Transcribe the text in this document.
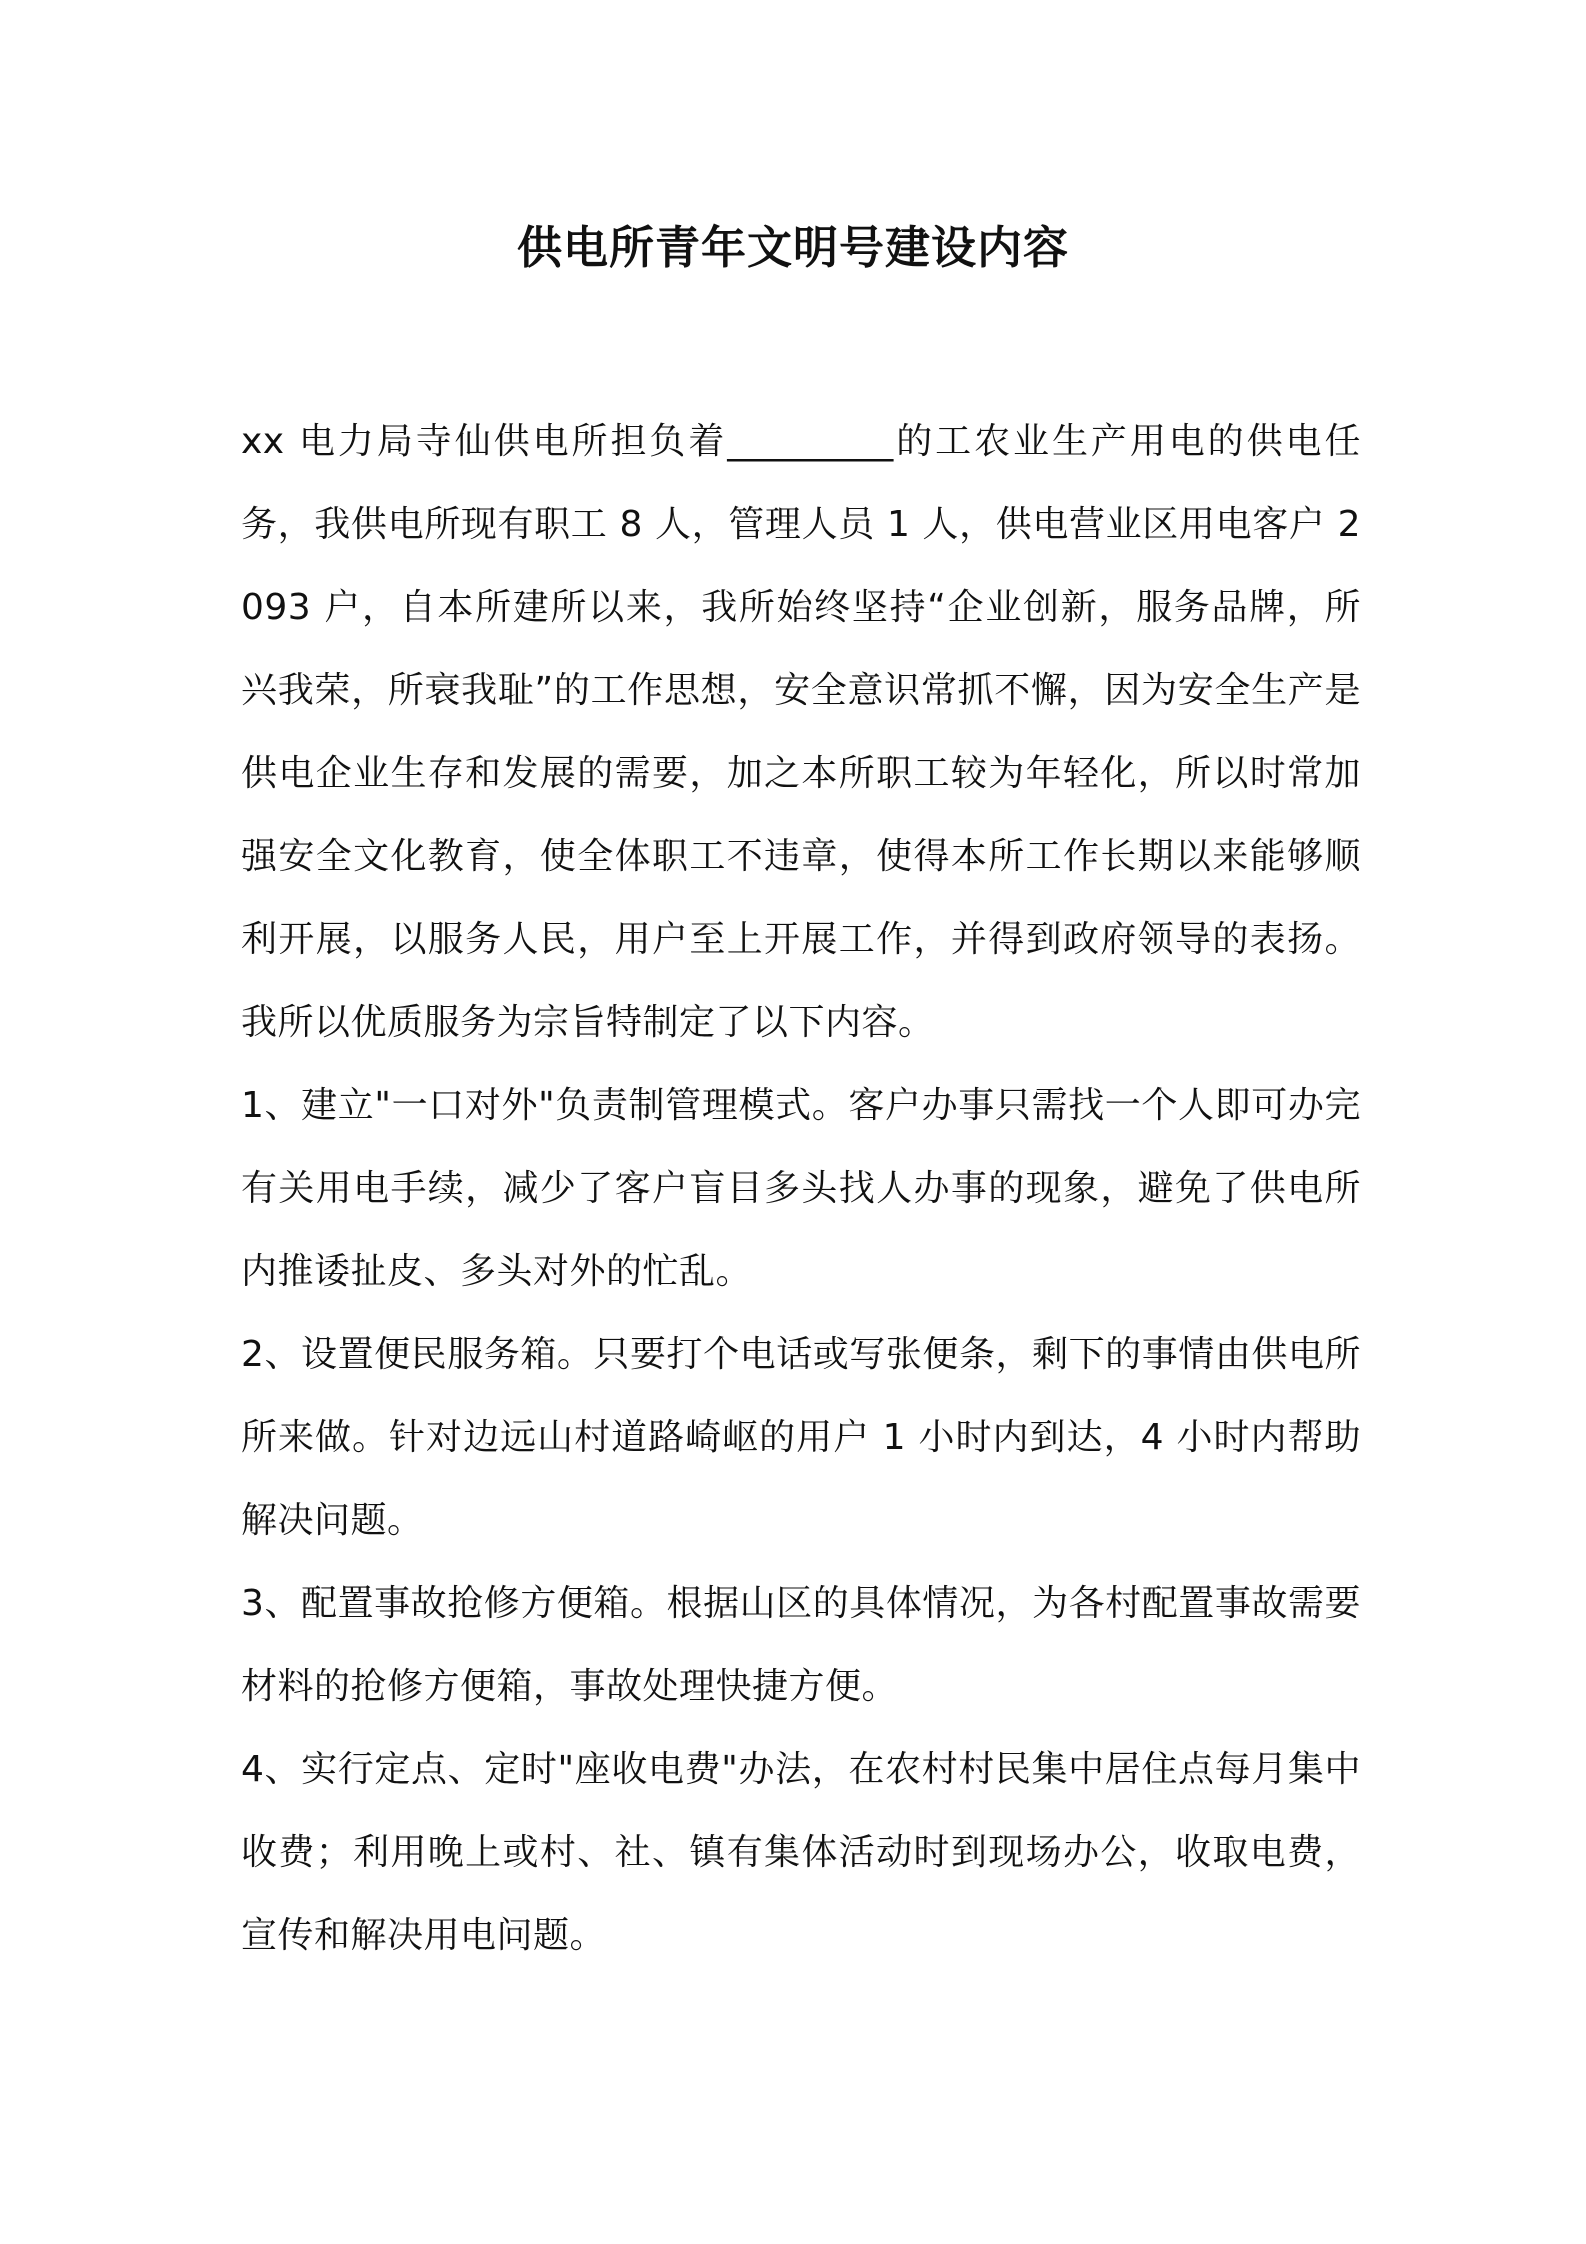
供电所青年文明号建设内容

xx 电力局寺仙供电所担负着_________的工农业生产用电的供电任务，我供电所现有职工 8 人，管理人员 1 人，供电营业区用电客户 2093 户，自本所建所以来，我所始终坚持“企业创新，服务品牌，所兴我荣，所衰我耻”的工作思想，安全意识常抓不懈，因为安全生产是供电企业生存和发展的需要，加之本所职工较为年轻化，所以时常加强安全文化教育，使全体职工不违章，使得本所工作长期以来能够顺利开展，以服务人民，用户至上开展工作，并得到政府领导的表扬。我所以优质服务为宗旨特制定了以下内容。

1、建立"一口对外"负责制管理模式。客户办事只需找一个人即可办完有关用电手续，减少了客户盲目多头找人办事的现象，避免了供电所内推诿扯皮、多头对外的忙乱。

2、设置便民服务箱。只要打个电话或写张便条，剩下的事情由供电所所来做。针对边远山村道路崎岖的用户 1 小时内到达，4 小时内帮助解决问题。

3、配置事故抢修方便箱。根据山区的具体情况，为各村配置事故需要材料的抢修方便箱，事故处理快捷方便。

4、实行定点、定时"座收电费"办法，在农村村民集中居住点每月集中收费；利用晚上或村、社、镇有集体活动时到现场办公，收取电费，宣传和解决用电问题。
